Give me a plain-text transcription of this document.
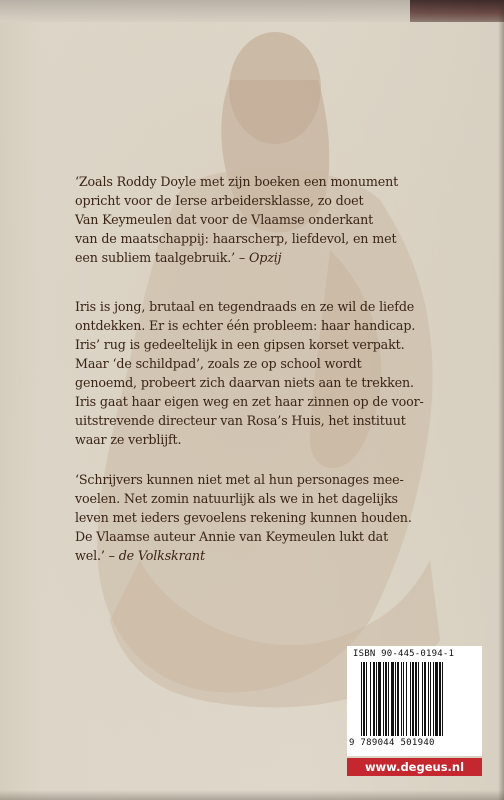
‘Zoals Roddy Doyle met zijn boeken een monument
opricht voor de Ierse arbeidersklasse, zo doet
Van Keymeulen dat voor de Vlaamse onderkant
van de maatschappij: haarscherp, liefdevol, en met
een subliem taalgebruik.’ – Opzij
Iris is jong, brutaal en tegendraads en ze wil de liefde
ontdekken. Er is echter één probleem: haar handicap.
Iris’ rug is gedeeltelijk in een gipsen korset verpakt.
Maar ‘de schildpad’, zoals ze op school wordt
genoemd, probeert zich daarvan niets aan te trekken.
Iris gaat haar eigen weg en zet haar zinnen op de voor-
uitstrevende directeur van Rosa’s Huis, het instituut
waar ze verblijft.
‘Schrijvers kunnen niet met al hun personages mee-
voelen. Net zomin natuurlijk als we in het dagelijks
leven met ieders gevoelens rekening kunnen houden.
De Vlaamse auteur Annie van Keymeulen lukt dat
wel.’ – de Volkskrant
ISBN 90-445-0194-1
9 789044 501940
www.degeus.nl
